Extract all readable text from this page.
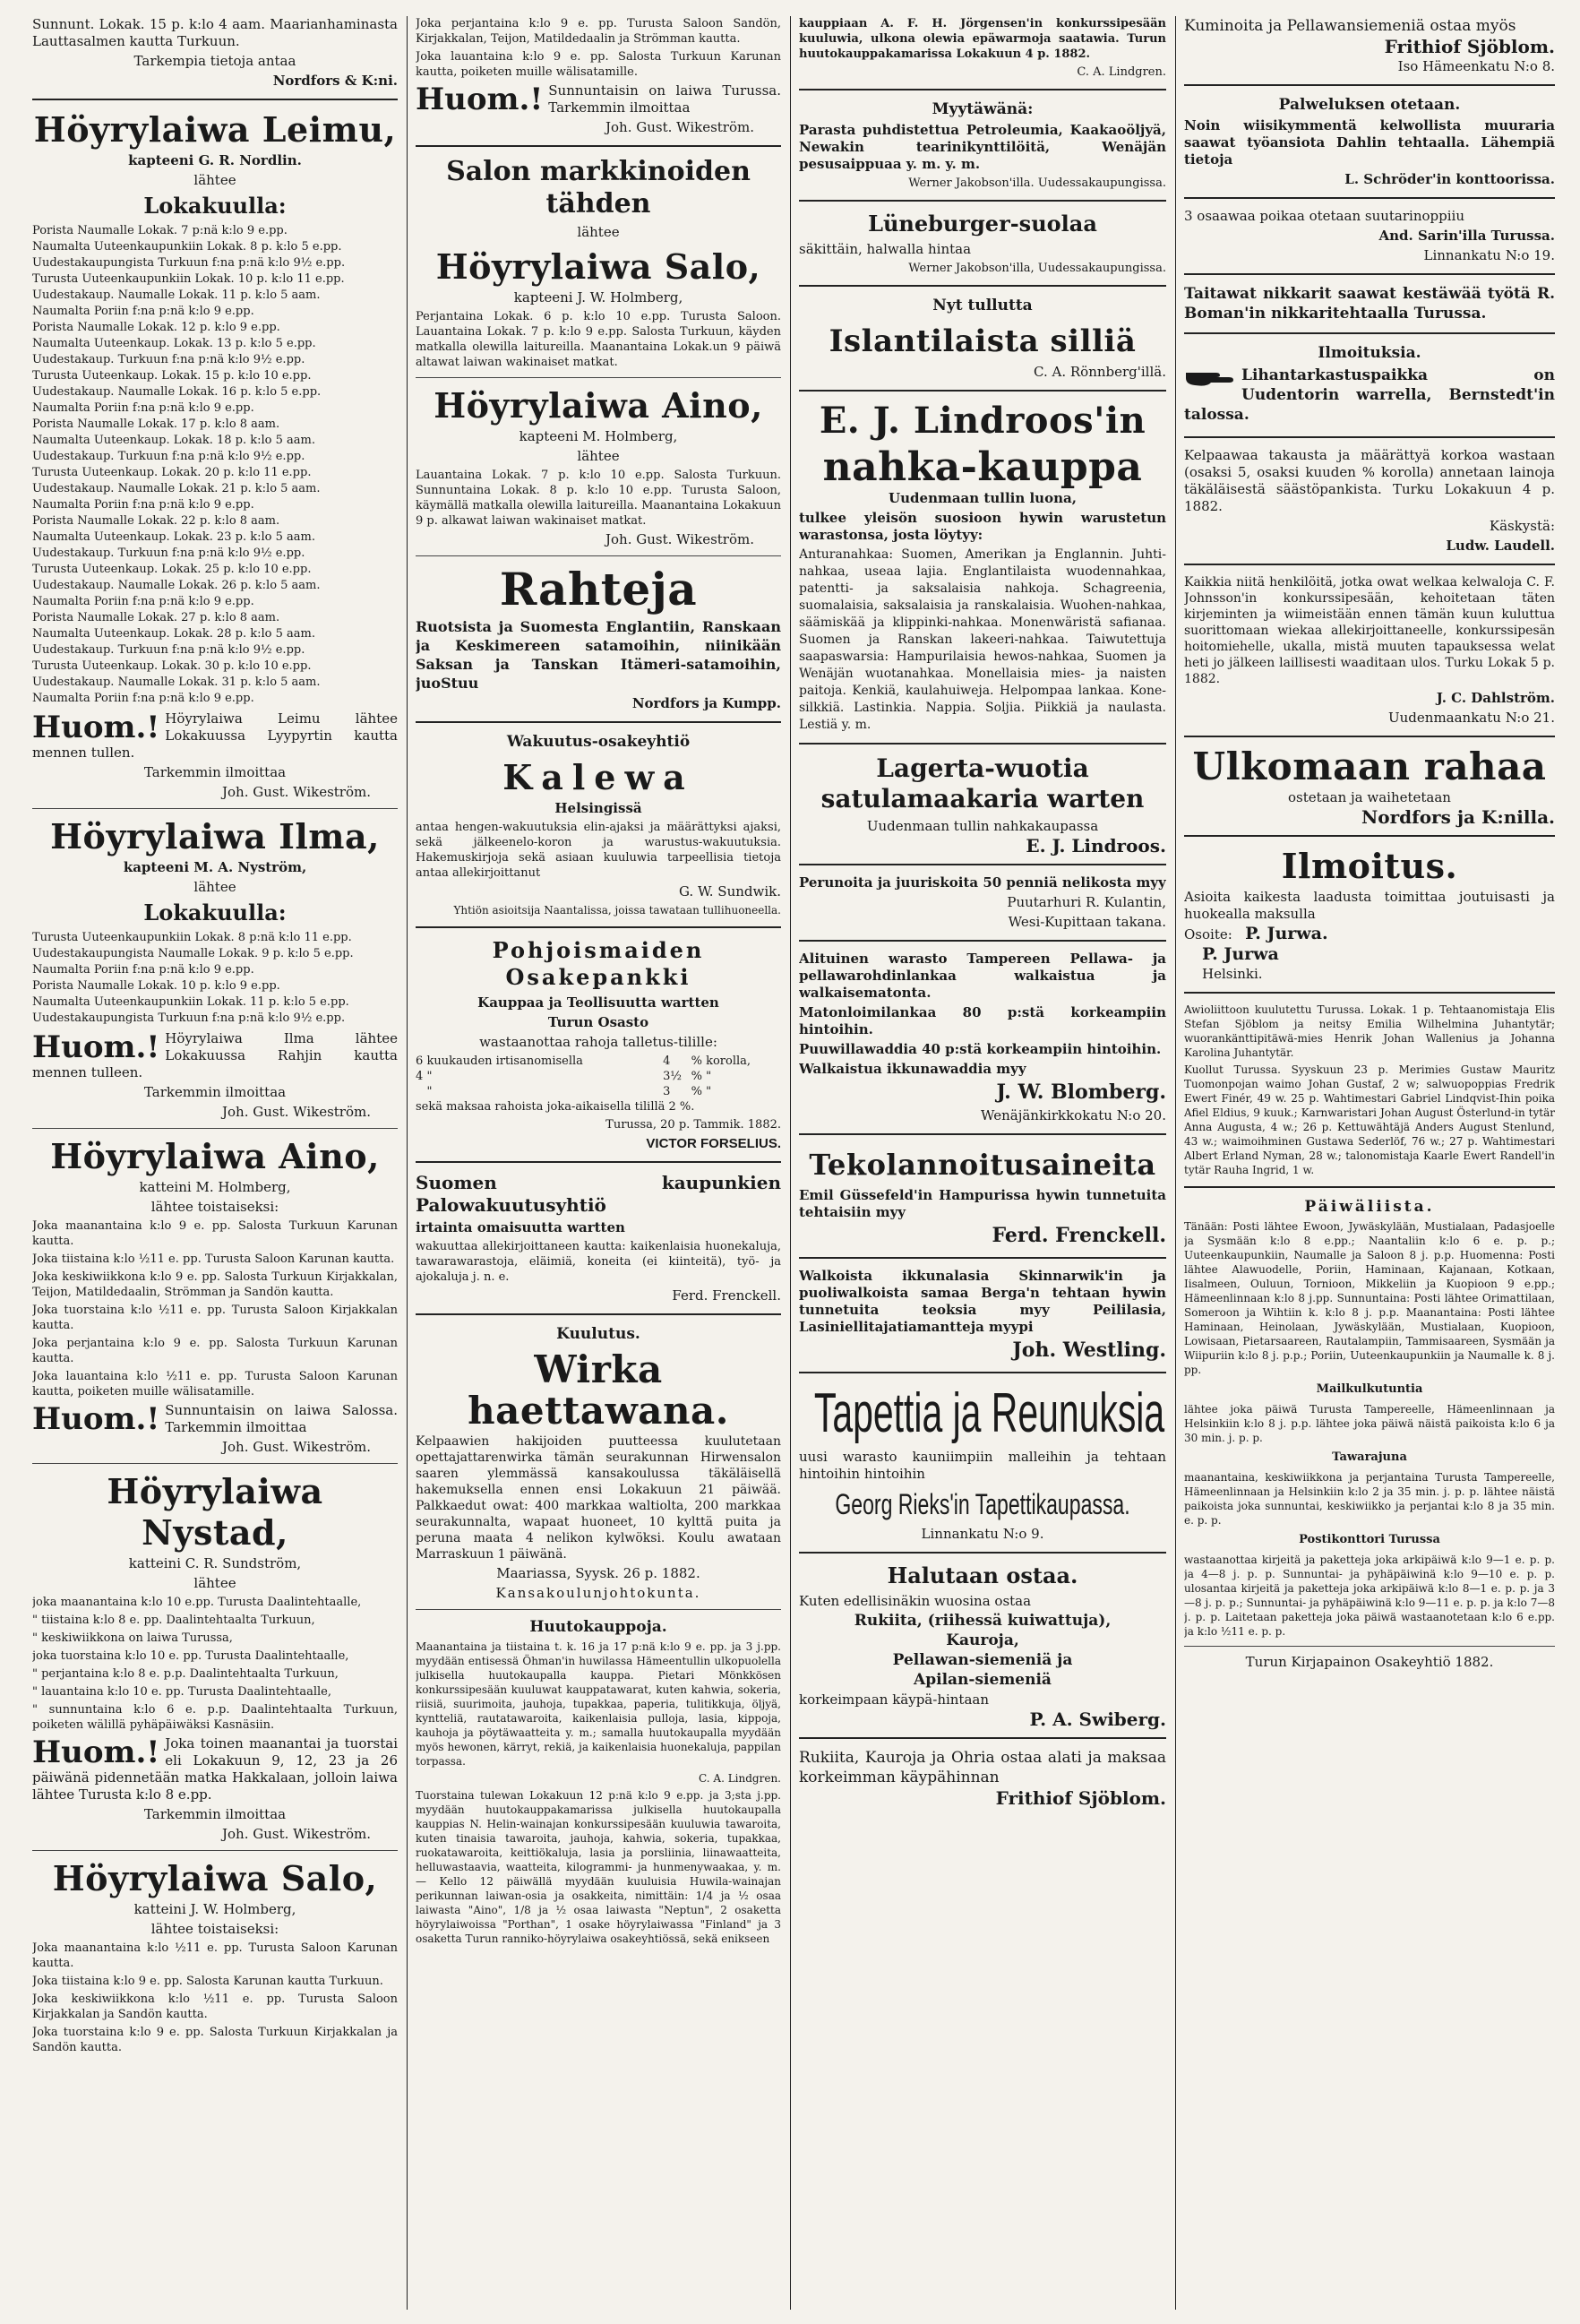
Sunnunt. Lokak. 15 p. k:lo 4 aam. Maarianhaminasta Lauttasalmen kautta Turkuun.

Tarkempia tietoja antaa

Nordfors & K:ni.

Höyrylaiwa Leimu,

kapteeni G. R. Nordlin.

lähtee

Lokakuulla:
Porista Naumalle Lokak. 7 p:nä k:lo 9 e.pp.
Naumalta Uuteenkaupunkiin Lokak. 8 p. k:lo 5 e.pp.
Uudestakaupungista Turkuun f:na p:nä k:lo 9½ e.pp.
Turusta Uuteenkaupunkiin Lokak. 10 p. k:lo 11 e.pp.
Uudestakaup. Naumalle Lokak. 11 p. k:lo 5 aam.
Naumalta Poriin f:na p:nä k:lo 9 e.pp.
Porista Naumalle Lokak. 12 p. k:lo 9 e.pp.
Naumalta Uuteenkaup. Lokak. 13 p. k:lo 5 e.pp.
Uudestakaup. Turkuun f:na p:nä k:lo 9½ e.pp.
Turusta Uuteenkaup. Lokak. 15 p. k:lo 10 e.pp.
Uudestakaup. Naumalle Lokak. 16 p. k:lo 5 e.pp.
Naumalta Poriin f:na p:nä k:lo 9 e.pp.
Porista Naumalle Lokak. 17 p. k:lo 8 aam.
Naumalta Uuteenkaup. Lokak. 18 p. k:lo 5 aam.
Uudestakaup. Turkuun f:na p:nä k:lo 9½ e.pp.
Turusta Uuteenkaup. Lokak. 20 p. k:lo 11 e.pp.
Uudestakaup. Naumalle Lokak. 21 p. k:lo 5 aam.
Naumalta Poriin f:na p:nä k:lo 9 e.pp.
Porista Naumalle Lokak. 22 p. k:lo 8 aam.
Naumalta Uuteenkaup. Lokak. 23 p. k:lo 5 aam.
Uudestakaup. Turkuun f:na p:nä k:lo 9½ e.pp.
Turusta Uuteenkaup. Lokak. 25 p. k:lo 10 e.pp.
Uudestakaup. Naumalle Lokak. 26 p. k:lo 5 aam.
Naumalta Poriin f:na p:nä k:lo 9 e.pp.
Porista Naumalle Lokak. 27 p. k:lo 8 aam.
Naumalta Uuteenkaup. Lokak. 28 p. k:lo 5 aam.
Uudestakaup. Turkuun f:na p:nä k:lo 9½ e.pp.
Turusta Uuteenkaup. Lokak. 30 p. k:lo 10 e.pp.
Uudestakaup. Naumalle Lokak. 31 p. k:lo 5 aam.
Naumalta Poriin f:na p:nä k:lo 9 e.pp.
Huom.! Höyrylaiwa Leimu lähtee Lokakuussa Lyypyrtin kautta mennen tullen.

Tarkemmin ilmoittaa

Joh. Gust. Wikeström.

Höyrylaiwa Ilma,

kapteeni M. A. Nyström,

lähtee

Lokakuulla:
Turusta Uuteenkaupunkiin Lokak. 8 p:nä k:lo 11 e.pp.
Uudestakaupungista Naumalle Lokak. 9 p. k:lo 5 e.pp.
Naumalta Poriin f:na p:nä k:lo 9 e.pp.
Porista Naumalle Lokak. 10 p. k:lo 9 e.pp.
Naumalta Uuteenkaupunkiin Lokak. 11 p. k:lo 5 e.pp.
Uudestakaupungista Turkuun f:na p:nä k:lo 9½ e.pp.
Huom.! Höyrylaiwa Ilma lähtee Lokakuussa Rahjin kautta mennen tulleen.

Tarkemmin ilmoittaa

Joh. Gust. Wikeström.

Höyrylaiwa Aino,

katteini M. Holmberg,

lähtee toistaiseksi:

Joka maanantaina k:lo 9 e. pp. Salosta Turkuun Karunan kautta.

Joka tiistaina k:lo ½11 e. pp. Turusta Saloon Karunan kautta.

Joka keskiwiikkona k:lo 9 e. pp. Salosta Turkuun Kirjakkalan, Teijon, Matildedaalin, Strömman ja Sandön kautta.

Joka tuorstaina k:lo ½11 e. pp. Turusta Saloon Kirjakkalan kautta.

Joka perjantaina k:lo 9 e. pp. Salosta Turkuun Karunan kautta.

Joka lauantaina k:lo ½11 e. pp. Turusta Saloon Karunan kautta, poiketen muille wälisatamille.

Huom.! Sunnuntaisin on laiwa Salossa. Tarkemmin ilmoittaa

Joh. Gust. Wikeström.

Höyrylaiwa Nystad,

katteini C. R. Sundström,

lähtee

joka maanantaina k:lo 10 e.pp. Turusta Daalintehtaalle,

" tiistaina k:lo 8 e. pp. Daalintehtaalta Turkuun,

" keskiwiikkona on laiwa Turussa,

joka tuorstaina k:lo 10 e. pp. Turusta Daalintehtaalle,

" perjantaina k:lo 8 e. p.p. Daalintehtaalta Turkuun,

" lauantaina k:lo 10 e. pp. Turusta Daalintehtaalle,

" sunnuntaina k:lo 6 e. p.p. Daalintehtaalta Turkuun, poiketen wälillä pyhäpäiwäksi Kasnäsiin.

Huom.! Joka toinen maanantai ja tuorstai eli Lokakuun 9, 12, 23 ja 26 päiwänä pidennetään matka Hakkalaan, jolloin laiwa lähtee Turusta k:lo 8 e.pp.

Tarkemmin ilmoittaa

Joh. Gust. Wikeström.

Höyrylaiwa Salo,

katteini J. W. Holmberg,

lähtee toistaiseksi:

Joka maanantaina k:lo ½11 e. pp. Turusta Saloon Karunan kautta.

Joka tiistaina k:lo 9 e. pp. Salosta Karunan kautta Turkuun.

Joka keskiwiikkona k:lo ½11 e. pp. Turusta Saloon Kirjakkalan ja Sandön kautta.

Joka tuorstaina k:lo 9 e. pp. Salosta Turkuun Kirjakkalan ja Sandön kautta.

Joka perjantaina k:lo 9 e. pp. Turusta Saloon Sandön, Kirjakkalan, Teijon, Matildedaalin ja Strömman kautta.

Joka lauantaina k:lo 9 e. pp. Salosta Turkuun Karunan kautta, poiketen muille wälisatamille.

Huom.! Sunnuntaisin on laiwa Turussa. Tarkemmin ilmoittaa

Joh. Gust. Wikeström.

Salon markkinoiden tähden

lähtee

Höyrylaiwa Salo,

kapteeni J. W. Holmberg,

Perjantaina Lokak. 6 p. k:lo 10 e.pp. Turusta Saloon. Lauantaina Lokak. 7 p. k:lo 9 e.pp. Salosta Turkuun, käyden matkalla olewilla laitureilla. Maanantaina Lokak.un 9 päiwä altawat laiwan wakinaiset matkat.

Höyrylaiwa Aino,

kapteeni M. Holmberg,

lähtee

Lauantaina Lokak. 7 p. k:lo 10 e.pp. Salosta Turkuun. Sunnuntaina Lokak. 8 p. k:lo 10 e.pp. Turusta Saloon, käymällä matkalla olewilla laitureilla. Maanantaina Lokakuun 9 p. alkawat laiwan wakinaiset matkat.

Joh. Gust. Wikeström.

Rahteja

Ruotsista ja Suomesta Englantiin, Ranskaan ja Keskimereen satamoihin, niinikään Saksan ja Tanskan Itämeri-satamoihin, juoStuu

Nordfors ja Kumpp.

Wakuutus-osakeyhtiö
Kalewa

Helsingissä

antaa hengen-wakuutuksia elin-ajaksi ja määrättyksi ajaksi, sekä jälkeenelo-koron ja warustus-wakuutuksia. Hakemuskirjoja sekä asiaan kuuluwia tarpeellisia tietoja antaa allekirjoittanut

G. W. Sundwik.

Yhtiön asioitsija Naantalissa, joissa tawataan tullihuoneella.

Pohjoismaiden Osakepankki

Kauppaa ja Teollisuutta wartten

Turun Osasto

wastaanottaa rahoja talletus-tilille:

6	kuukauden irtisanomisella	4	% korolla,
4	"	3½	% "
	"	3	% "

sekä maksaa rahoista joka-aikaisella tilillä 2 %.

Turussa, 20 p. Tammik. 1882.

VICTOR FORSELIUS.

Suomen kaupunkien Palowakuutusyhtiö

irtainta omaisuutta wartten

wakuuttaa allekirjoittaneen kautta: kaikenlaisia huonekaluja, tawarawarastoja, eläimiä, koneita (ei kiinteitä), työ- ja ajokaluja j. n. e.

Ferd. Frenckell.

Kuulutus.
Wirka haettawana.

Kelpaawien hakijoiden puutteessa kuulutetaan opettajattarenwirka tämän seurakunnan Hirwensalon saaren ylemmässä kansakoulussa täkäläisellä hakemuksella ennen ensi Lokakuun 21 päiwää. Palkkaedut owat: 400 markkaa waltiolta, 200 markkaa seurakunnalta, wapaat huoneet, 10 kylttä puita ja peruna maata 4 nelikon kylwöksi. Koulu awataan Marraskuun 1 päiwänä.

Maariassa, Syysk. 26 p. 1882.

Kansakoulunjohtokunta.

Huutokauppoja.

Maanantaina ja tiistaina t. k. 16 ja 17 p:nä k:lo 9 e. pp. ja 3 j.pp. myydään entisessä Öhman'in huwilassa Hämeentullin ulkopuolella julkisella huutokaupalla kauppa. Pietari Mönkkösen konkurssipesään kuuluwat kauppatawarat, kuten kahwia, sokeria, riisiä, suurimoita, jauhoja, tupakkaa, paperia, tulitikkuja, öljyä, kyntteliä, rautatawaroita, kaikenlaisia pulloja, lasia, kippoja, kauhoja ja pöytäwaatteita y. m.; samalla huutokaupalla myydään myös hewonen, kärryt, rekiä, ja kaikenlaisia huonekaluja, pappilan torpassa.

C. A. Lindgren.

Tuorstaina tulewan Lokakuun 12 p:nä k:lo 9 e.pp. ja 3;sta j.pp. myydään huutokauppakamarissa julkisella huutokaupalla kauppias N. Helin-wainajan konkurssipesään kuuluwia tawaroita, kuten tinaisia tawaroita, jauhoja, kahwia, sokeria, tupakkaa, ruokatawaroita, keittiökaluja, lasia ja porsliinia, liinawaatteita, helluwastaavia, waatteita, kilogrammi- ja hunmenywaakaa, y. m. — Kello 12 päiwällä myydään kuuluisia Huwila-wainajan perikunnan laiwan-osia ja osakkeita, nimittäin: 1/4 ja ½ osaa laiwasta "Aino", 1/8 ja ½ osaa laiwasta "Neptun", 2 osaketta höyrylaiwoissa "Porthan", 1 osake höyrylaiwassa "Finland" ja 3 osaketta Turun ranniko-höyrylaiwa osakeyhtiössä, sekä enikseen

kauppiaan A. F. H. Jörgensen'in konkurssipesään kuuluwia, ulkona olewia epäwarmoja saatawia. Turun huutokauppakamarissa Lokakuun 4 p. 1882.

C. A. Lindgren.

Myytäwänä:

Parasta puhdistettua Petroleumia, Kaakaoöljyä, Newakin tearinikynttilöitä, Wenäjän pesusaippuaa y. m. y. m.

Werner Jakobson'illa. Uudessakaupungissa.

Lüneburger-suolaa

säkittäin, halwalla hintaa

Werner Jakobson'illa, Uudessakaupungissa.

Nyt tullutta
Islantilaista silliä

C. A. Rönnberg'illä.

E. J. Lindroos'in
nahka-kauppa

Uudenmaan tullin luona,

tulkee yleisön suosioon hywin warustetun warastonsa, josta löytyy:

Anturanahkaa: Suomen, Amerikan ja Englannin. Juhti-nahkaa, useaa lajia. Englantilaista wuodennahkaa, patentti- ja saksalaisia nahkoja. Schagreenia, suomalaisia, saksalaisia ja ranskalaisia. Wuohen-nahkaa, säämiskää ja klippinki-nahkaa. Monenwäristä safianaa. Suomen ja Ranskan lakeeri-nahkaa. Taiwutettuja saapaswarsia: Hampurilaisia hewos-nahkaa, Suomen ja Wenäjän wuotanahkaa. Monellaisia mies- ja naisten paitoja. Kenkiä, kaulahuiweja. Helpompaa lankaa. Kone-silkkiä. Lastinkia. Nappia. Soljia. Piikkiä ja naulasta. Lestiä y. m.

Lagerta-wuotia satulamaakaria warten

Uudenmaan tullin nahkakaupassa

E. J. Lindroos.

Perunoita ja juuriskoita 50 penniä nelikosta myy

Puutarhuri R. Kulantin,

Wesi-Kupittaan takana.

Alituinen warasto Tampereen Pellawa- ja pellawarohdinlankaa walkaistua ja walkaisematonta.

Matonloimilankaa 80 p:stä korkeampiin hintoihin.

Puuwillawaddia 40 p:stä korkeampiin hintoihin.

Walkaistua ikkunawaddia myy

J. W. Blomberg.

Wenäjänkirkkokatu N:o 20.

Tekolannoitusaineita

Emil Güssefeld'in Hampurissa hywin tunnetuita tehtaisiin myy

Ferd. Frenckell.

Walkoista ikkunalasia Skinnarwik'in ja puoliwalkoista samaa Berga'n tehtaan hywin tunnetuita teoksia myy Peililasia, Lasiniellitajatiamantteja myypi

Joh. Westling.

Tapettia ja Reunuksia

uusi warasto kauniimpiin malleihin ja tehtaan hintoihin hintoihin

Georg Rieks'in Tapettikaupassa.

Linnankatu N:o 9.

Halutaan ostaa.

Kuten edellisinäkin wuosina ostaa

Rukiita, (riihessä kuiwattuja),

Kauroja,

Pellawan-siemeniä ja

Apilan-siemeniä

korkeimpaan käypä-hintaan

P. A. Swiberg.

Rukiita, Kauroja ja Ohria ostaa alati ja maksaa korkeimman käypähinnan

Frithiof Sjöblom.

Kuminoita ja Pellawansiemeniä ostaa myös

Frithiof Sjöblom.

Iso Hämeenkatu N:o 8.

Palweluksen otetaan.

Noin wiisikymmentä kelwollista muuraria saawat työansiota Dahlin tehtaalla. Lähempiä tietoja

L. Schröder'in konttoorissa.

3 osaawaa poikaa otetaan suutarinoppiiu

And. Sarin'illa Turussa.

Linnankatu N:o 19.

Taitawat nikkarit saawat kestäwää työtä R. Boman'in nikkaritehtaalla Turussa.

Ilmoituksia.

Lihantarkastuspaikka on Uudentorin warrella, Bernstedt'in talossa.

Kelpaawaa takausta ja määrättyä korkoa wastaan (osaksi 5, osaksi kuuden % korolla) annetaan lainoja täkäläisestä säästöpankista. Turku Lokakuun 4 p. 1882.

Käskystä:

Ludw. Laudell.

Kaikkia niitä henkilöitä, jotka owat welkaa kelwaloja C. F. Johnsson'in konkurssipesään, kehoitetaan täten kirjeminten ja wiimeistään ennen tämän kuun kuluttua suorittomaan wiekaa allekirjoittaneelle, konkurssipesän hoitomiehelle, ukalla, mistä muuten tapauksessa welat heti jo jälkeen laillisesti waaditaan ulos. Turku Lokak 5 p. 1882.

J. C. Dahlström.

Uudenmaankatu N:o 21.

Ulkomaan rahaa

ostetaan ja waihetetaan

Nordfors ja K:nilla.

Ilmoitus.

Asioita kaikesta laadusta toimittaa joutuisasti ja huokealla maksulla

Osoite: P. Jurwa.

P. Jurwa

Helsinki.

Awioliittoon kuulutettu Turussa. Lokak. 1 p. Tehtaanomistaja Elis Stefan Sjöblom ja neitsy Emilia Wilhelmina Juhantytär; wuorankänttipitäwä-mies Henrik Johan Wallenius ja Johanna Karolina Juhantytär.

Kuollut Turussa. Syyskuun 23 p. Merimies Gustaw Mauritz Tuomonpojan waimo Johan Gustaf, 2 w; salwuopoppias Fredrik Ewert Finér, 49 w. 25 p. Wahtimestari Gabriel Lindqvist-Ihin poika Afiel Eldius, 9 kuuk.; Karnwaristari Johan August Österlund-in tytär Anna Augusta, 4 w.; 26 p. Kettuwähtäjä Anders August Stenlund, 43 w.; waimoihminen Gustawa Sederlöf, 76 w.; 27 p. Wahtimestari Albert Erland Nyman, 28 w.; talonomistaja Kaarle Ewert Randell'in tytär Rauha Ingrid, 1 w.

Päiwäliista.

Tänään: Posti lähtee Ewoon, Jywäskylään, Mustialaan, Padasjoelle ja Sysmään k:lo 8 e.pp.; Naantaliin k:lo 6 e. p. p.; Uuteenkaupunkiin, Naumalle ja Saloon 8 j. p.p. Huomenna: Posti lähtee Alawuodelle, Poriin, Haminaan, Kajanaan, Kotkaan, Iisalmeen, Ouluun, Tornioon, Mikkeliin ja Kuopioon 9 e.pp.; Hämeenlinnaan k:lo 8 j.pp. Sunnuntaina: Posti lähtee Orimattilaan, Someroon ja Wihtiin k. k:lo 8 j. p.p. Maanantaina: Posti lähtee Haminaan, Heinolaan, Jywäskylään, Mustialaan, Kuopioon, Lowisaan, Pietarsaareen, Rautalampiin, Tammisaareen, Sysmään ja Wiipuriin k:lo 8 j. p.p.; Poriin, Uuteenkaupunkiin ja Naumalle k. 8 j. pp.

Mailkulkutuntia

lähtee joka päiwä Turusta Tampereelle, Hämeenlinnaan ja Helsinkiin k:lo 8 j. p.p. lähtee joka päiwä näistä paikoista k:lo 6 ja 30 min. j. p. p.

Tawarajuna

maanantaina, keskiwiikkona ja perjantaina Turusta Tampereelle, Hämeenlinnaan ja Helsinkiin k:lo 2 ja 35 min. j. p. p. lähtee näistä paikoista joka sunnuntai, keskiwiikko ja perjantai k:lo 8 ja 35 min. e. p. p.

Postikonttori Turussa

wastaanottaa kirjeitä ja paketteja joka arkipäiwä k:lo 9—1 e. p. p. ja 4—8 j. p. p. Sunnuntai- ja pyhäpäiwinä k:lo 9—10 e. p. p. ulosantaa kirjeitä ja paketteja joka arkipäiwä k:lo 8—1 e. p. p. ja 3—8 j. p. p.; Sunnuntai- ja pyhäpäiwinä k:lo 9—11 e. p. p. ja k:lo 7—8 j. p. p. Laitetaan paketteja joka päiwä wastaanotetaan k:lo 6 e.pp. ja k:lo ½11 e. p. p.

Turun Kirjapainon Osakeyhtiö 1882.
